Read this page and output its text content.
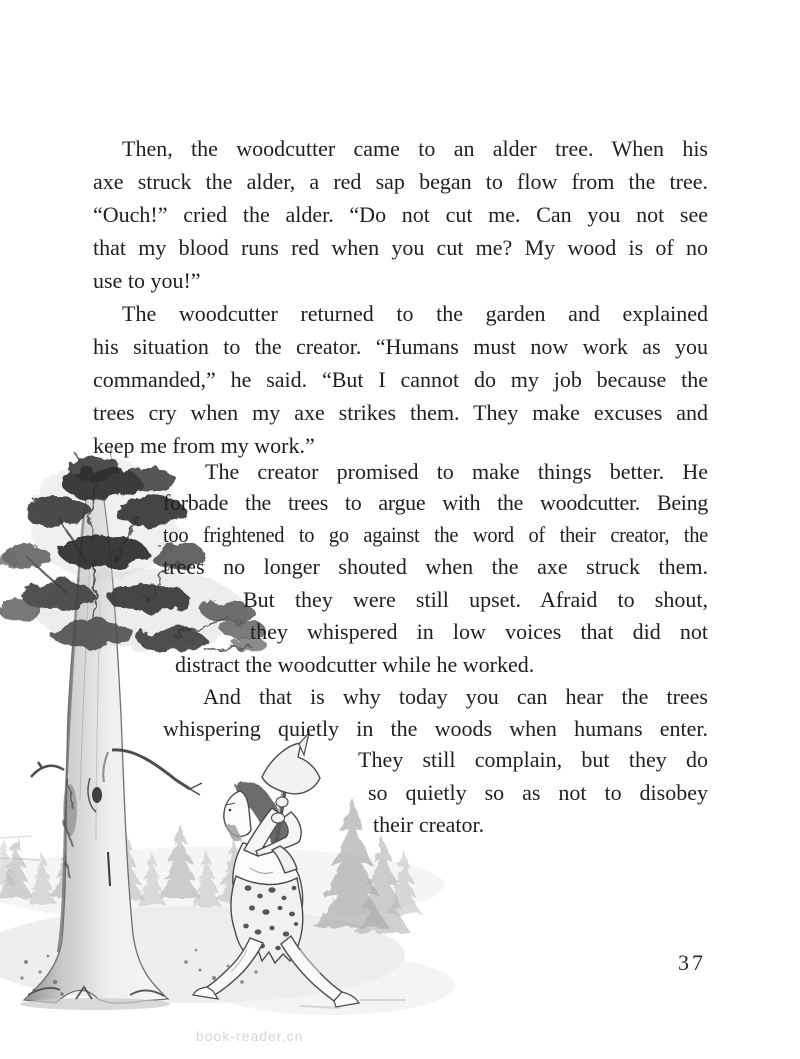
Then, the woodcutter came to an alder tree. When his
axe struck the alder, a red sap began to flow from the tree.
“Ouch!” cried the alder. “Do not cut me. Can you not see
that my blood runs red when you cut me? My wood is of no
use to you!”
The woodcutter returned to the garden and explained
his situation to the creator. “Humans must now work as you
commanded,” he said. “But I cannot do my job because the
trees cry when my axe strikes them. They make excuses and
keep me from my work.”
The creator promised to make things better. He
forbade the trees to argue with the woodcutter. Being
too frightened to go against the word of their creator, the
trees no longer shouted when the axe struck them.
But they were still upset. Afraid to shout,
they whispered in low voices that did not
distract the woodcutter while he worked.
And that is why today you can hear the trees
whispering quietly in the woods when humans enter.
They still complain, but they do
so quietly so as not to disobey
their creator.
37
book-reader.cn
